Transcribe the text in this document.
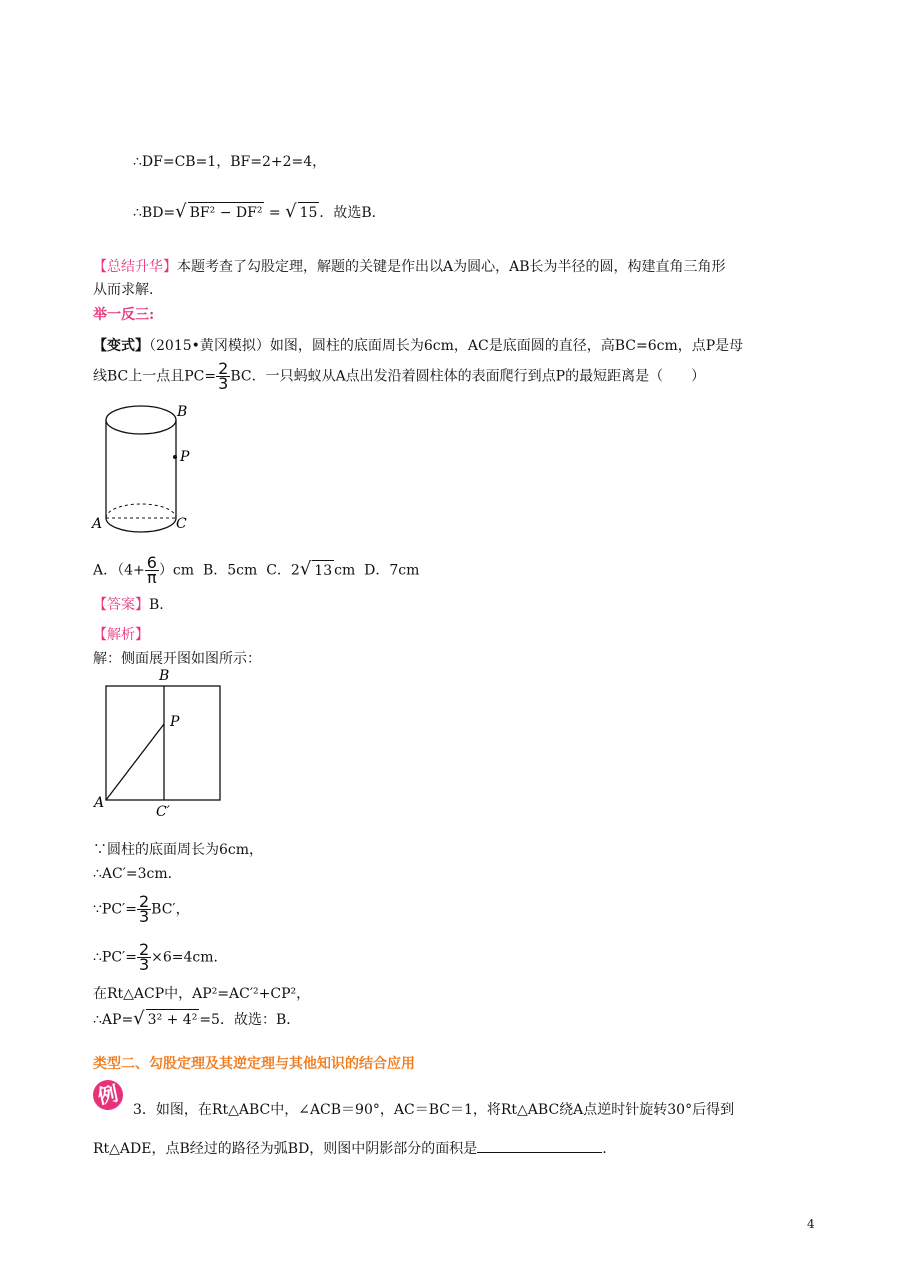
∴DF=CB=1，BF=2+2=4，
∴BD=√ BF² − DF² = √ 15 ．故选B．
【总结升华】本题考查了勾股定理，解题的关键是作出以A为圆心，AB长为半径的圆，构建直角三角形
从而求解.
举一反三:
【变式】（2015•黄冈模拟）如图，圆柱的底面周长为6cm，AC是底面圆的直径，高BC=6cm，点P是母
线BC上一点且$PC= \frac{2}{3}$ BC．一只蚂蚁从A点出发沿着圆柱体的表面爬行到点P的最短距离是（　　）
B
P
A	C
A．$(4+ \frac{6}{\pi} )cm$ B．5cm C．2√ 13 cm D．7cm
【答案】B.
【解析】
解：侧面展开图如图所示：
B
P
A
C′
∵圆柱的底面周长为6cm，
∴AC′=3cm．
∵PC′= $\frac{2}{3} BC'$，
∴PC′= $\frac{2}{3} \times 6=4cm$．
在Rt△ACP中，AP²=AC′²+CP²，
∴AP=√ 3² + 4² =5．故选：B．
类型二、勾股定理及其逆定理与其他知识的结合应用
例
3．如图，在Rt△ABC中，∠ACB＝90°，AC＝BC＝1，将Rt△ABC绕A点逆时针旋转30°后得到
Rt△ADE，点B经过的路径为弧BD，则图中阴影部分的面积是	.
4
